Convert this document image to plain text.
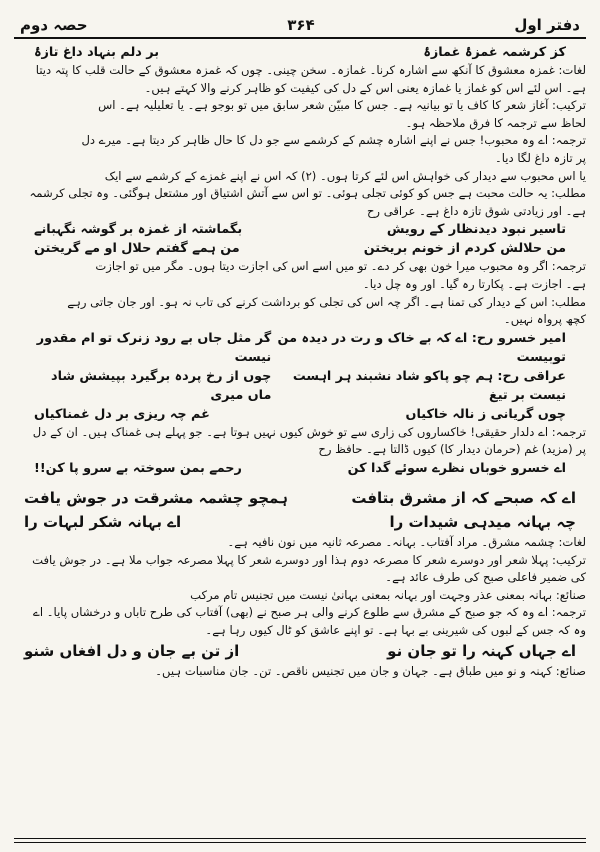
دفتر اول
۳۶۴
حصہ دوم
کز کرشمہ غمزۂ غمازۂ
بر دلم بنہاد داغ تازۂ
لغات: غمزہ معشوق کا آنکھ سے اشارہ کرنا۔ غمازہ۔ سخن چینی۔ چوں کہ غمزہ معشوق کے حالت قلب کا پتہ دیتا
ہے۔ اس لئے اس کو غماز یا غمازہ یعنی اس کے دل کی کیفیت کو ظاہر کرنے والا کہتے ہیں۔
ترکیب: آغاز شعر کا کاف یا تو بیانیہ ہے۔ جس کا مبیّن شعر سابق میں تو بوجو ہے۔ یا تعلیلیہ ہے۔ اس
لحاظ سے ترجمہ کا فرق ملاحظہ ہو۔
ترجمہ: اے وہ محبوب! جس نے اپنے اشارہ چشم کے کرشمے سے جو دل کا حال ظاہر کر دیتا ہے۔ میرے دل
پر تازہ داغ لگا دیا۔
یا اس محبوب سے دیدار کی خواہش اس لئے کرتا ہوں۔ (۲) کہ اس نے اپنے غمزے کے کرشمے سے ایک
مطلب: یہ حالت محبت ہے جس کو کوئی تجلی ہوئی۔ تو اس سے آتش اشتیاق اور مشتعل ہوگئی۔ وہ تجلی کرشمہ
ہے۔ اور زیادتی شوق تازہ داغ ہے۔ عراقی رح
تاسیر نبود دیدنظار کے رویش
بگماشتہ از غمزہ بر گوشہ نگہبانے
من حلالش کردم از خونم بریختن
من ہمے گفتم حلال او مے گریختن
ترجمہ: اگر وہ محبوب میرا خون بھی کر دے۔ تو میں اسے اس کی اجازت دیتا ہوں۔ مگر میں تو اجازت
ہے۔ اجازت ہے۔ پکارتا رہ گیا۔ اور وہ چل دیا۔
مطلب: اس کے دیدار کی تمنا ہے۔ اگر چہ اس کی تجلی کو برداشت کرنے کی تاب نہ ہو۔ اور جان جاتی رہے
کچھ پرواہ نہیں۔
امیر خسرو رح: اے کہ بے خاک و رت در دیدہ من توبیست
گر مثل جاں بے رود زنرک تو ام مقدور نیست
عراقی رح: ہم چو پاکو شاد نشبند ہر اہست نیست بر تیغ
چوں از رخ پردہ برگیرد بپیشش شاد ماں میری
چوں گریانی ز نالہ خاکیاں
غم چہ ریزی بر دل غمناکیاں
ترجمہ: اے دلدار حقیقی! خاکساروں کی زاری سے تو خوش کیوں نہیں ہوتا ہے۔ جو پہلے ہی غمناک ہیں۔ ان کے دل
پر (مزید) غم (حرمان دیدار کا) کیوں ڈالتا ہے۔ حافظ رح
اے خسرو خوباں نظرے سوئے گدا کن
رحمے بمن سوختہ بے سرو پا کن!!
اے کہ صبحے کہ از مشرق بتافت
ہمچو چشمہ مشرقت در جوش یافت
چہ بہانہ میدہی شیدات را
اے بہانہ شکر لبہات را
لغات: چشمہ مشرق۔ مراد آفتاب۔ بہانہ۔ مصرعہ ثانیہ میں نون نافیہ ہے۔
ترکیب: پہلا شعر اور دوسرے شعر کا مصرعہ دوم ہذا اور دوسرے شعر کا پہلا مصرعہ جواب ملا ہے۔ در جوش یافت
کی ضمیر فاعلی صبح کی طرف عائد ہے۔
صنائع: بہانہ بمعنی عذر وجہت اور بہانہ بمعنی بہانیٰ نیست میں تجنیس تام مرکب
ترجمہ: اے وہ کہ جو صبح کے مشرق سے طلوع کرنے والی ہر صبح نے (بھی) آفتاب کی طرح تاباں و درخشاں پایا۔ اے
وہ کہ جس کے لبوں کی شیرینی بے بہا ہے۔ تو اپنے عاشق کو ٹال کیوں رہا ہے۔
اے جہاں کہنہ را تو جان نو
از تن بے جان و دل افغاں شنو
صنائع: کہنہ و نو میں طباق ہے۔ جہان و جان میں تجنیس ناقص۔ تن۔ جان مناسبات ہیں۔
